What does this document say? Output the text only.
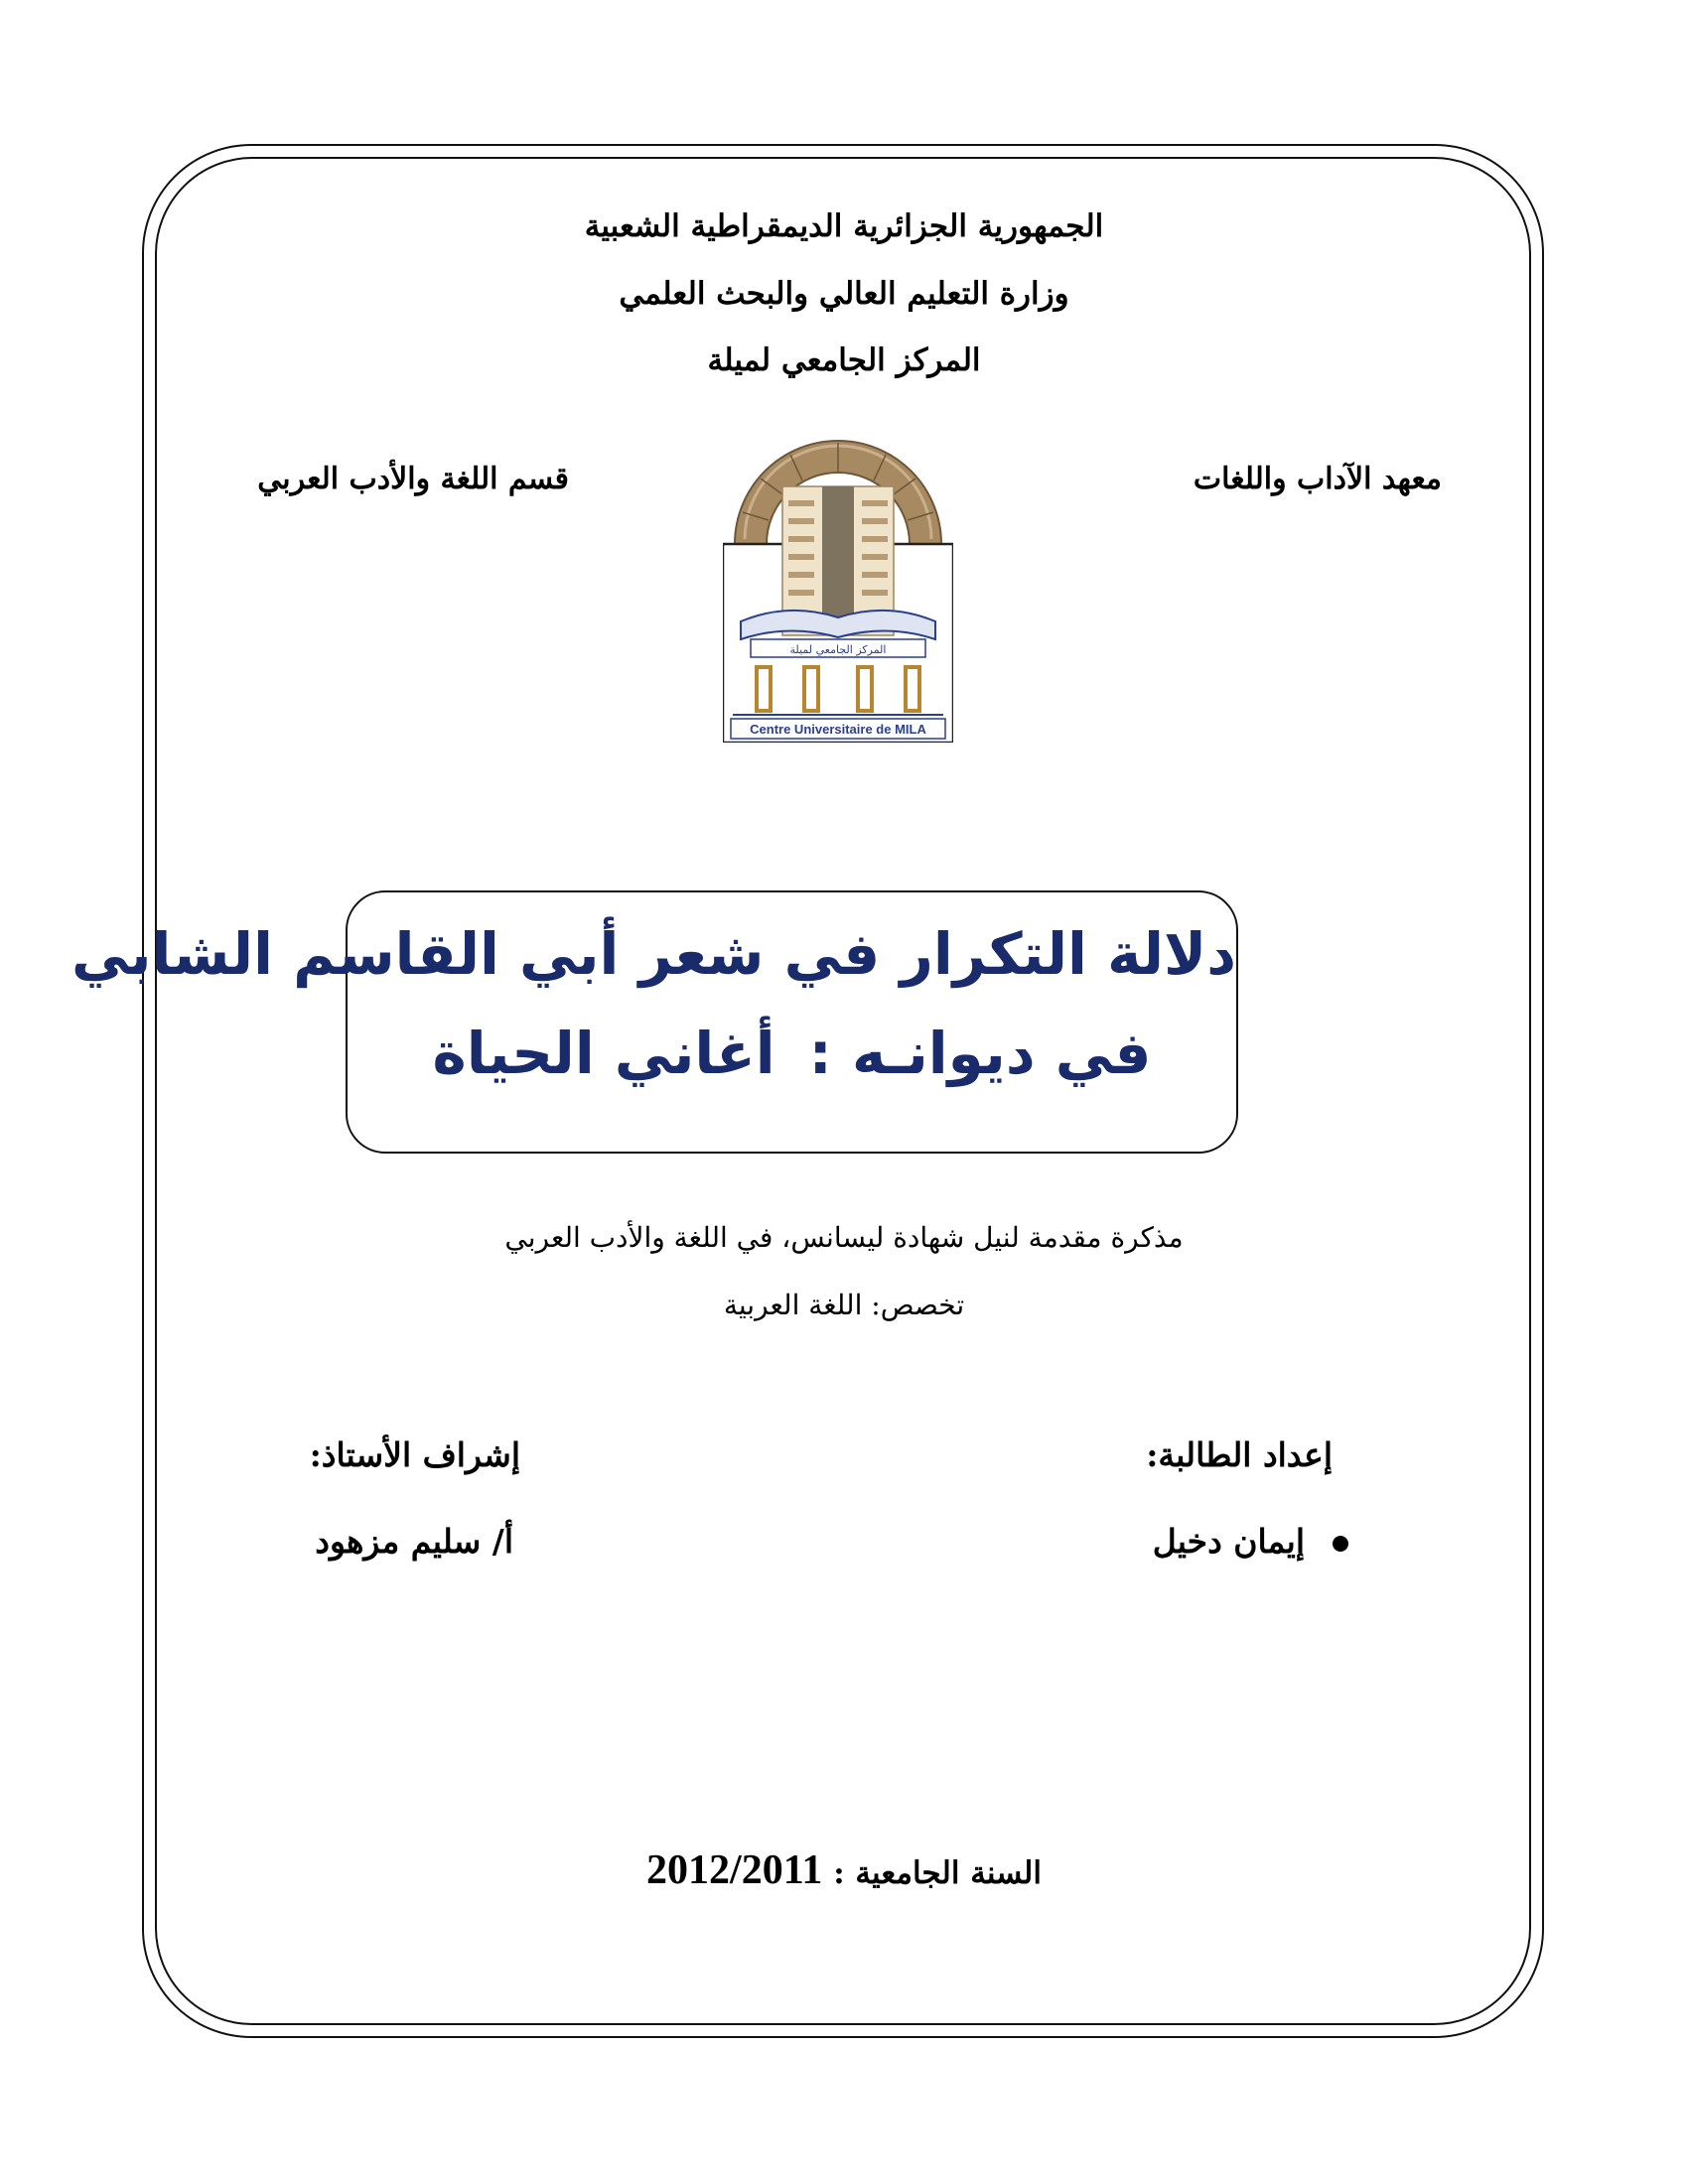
الجمهورية الجزائرية الديمقراطية الشعبية
وزارة التعليم العالي والبحث العلمي
المركز الجامعي لميلة
معهد الآداب واللغات
قسم اللغة والأدب العربي
المركز الجامعي لميلة
Centre Universitaire de MILA
دلالة التكرار في شعر أبي القاسم الشابي
في ديوانـه :أغاني الحياة
مذكرة مقدمة لنيل شهادة ليسانس، في اللغة والأدب العربي
تخصص: اللغة العربية
إعداد الطالبة:
إشراف الأستاذ:
إيمان دخيل
أ/ سليم مزهود
السنة الجامعية : 2012/2011
